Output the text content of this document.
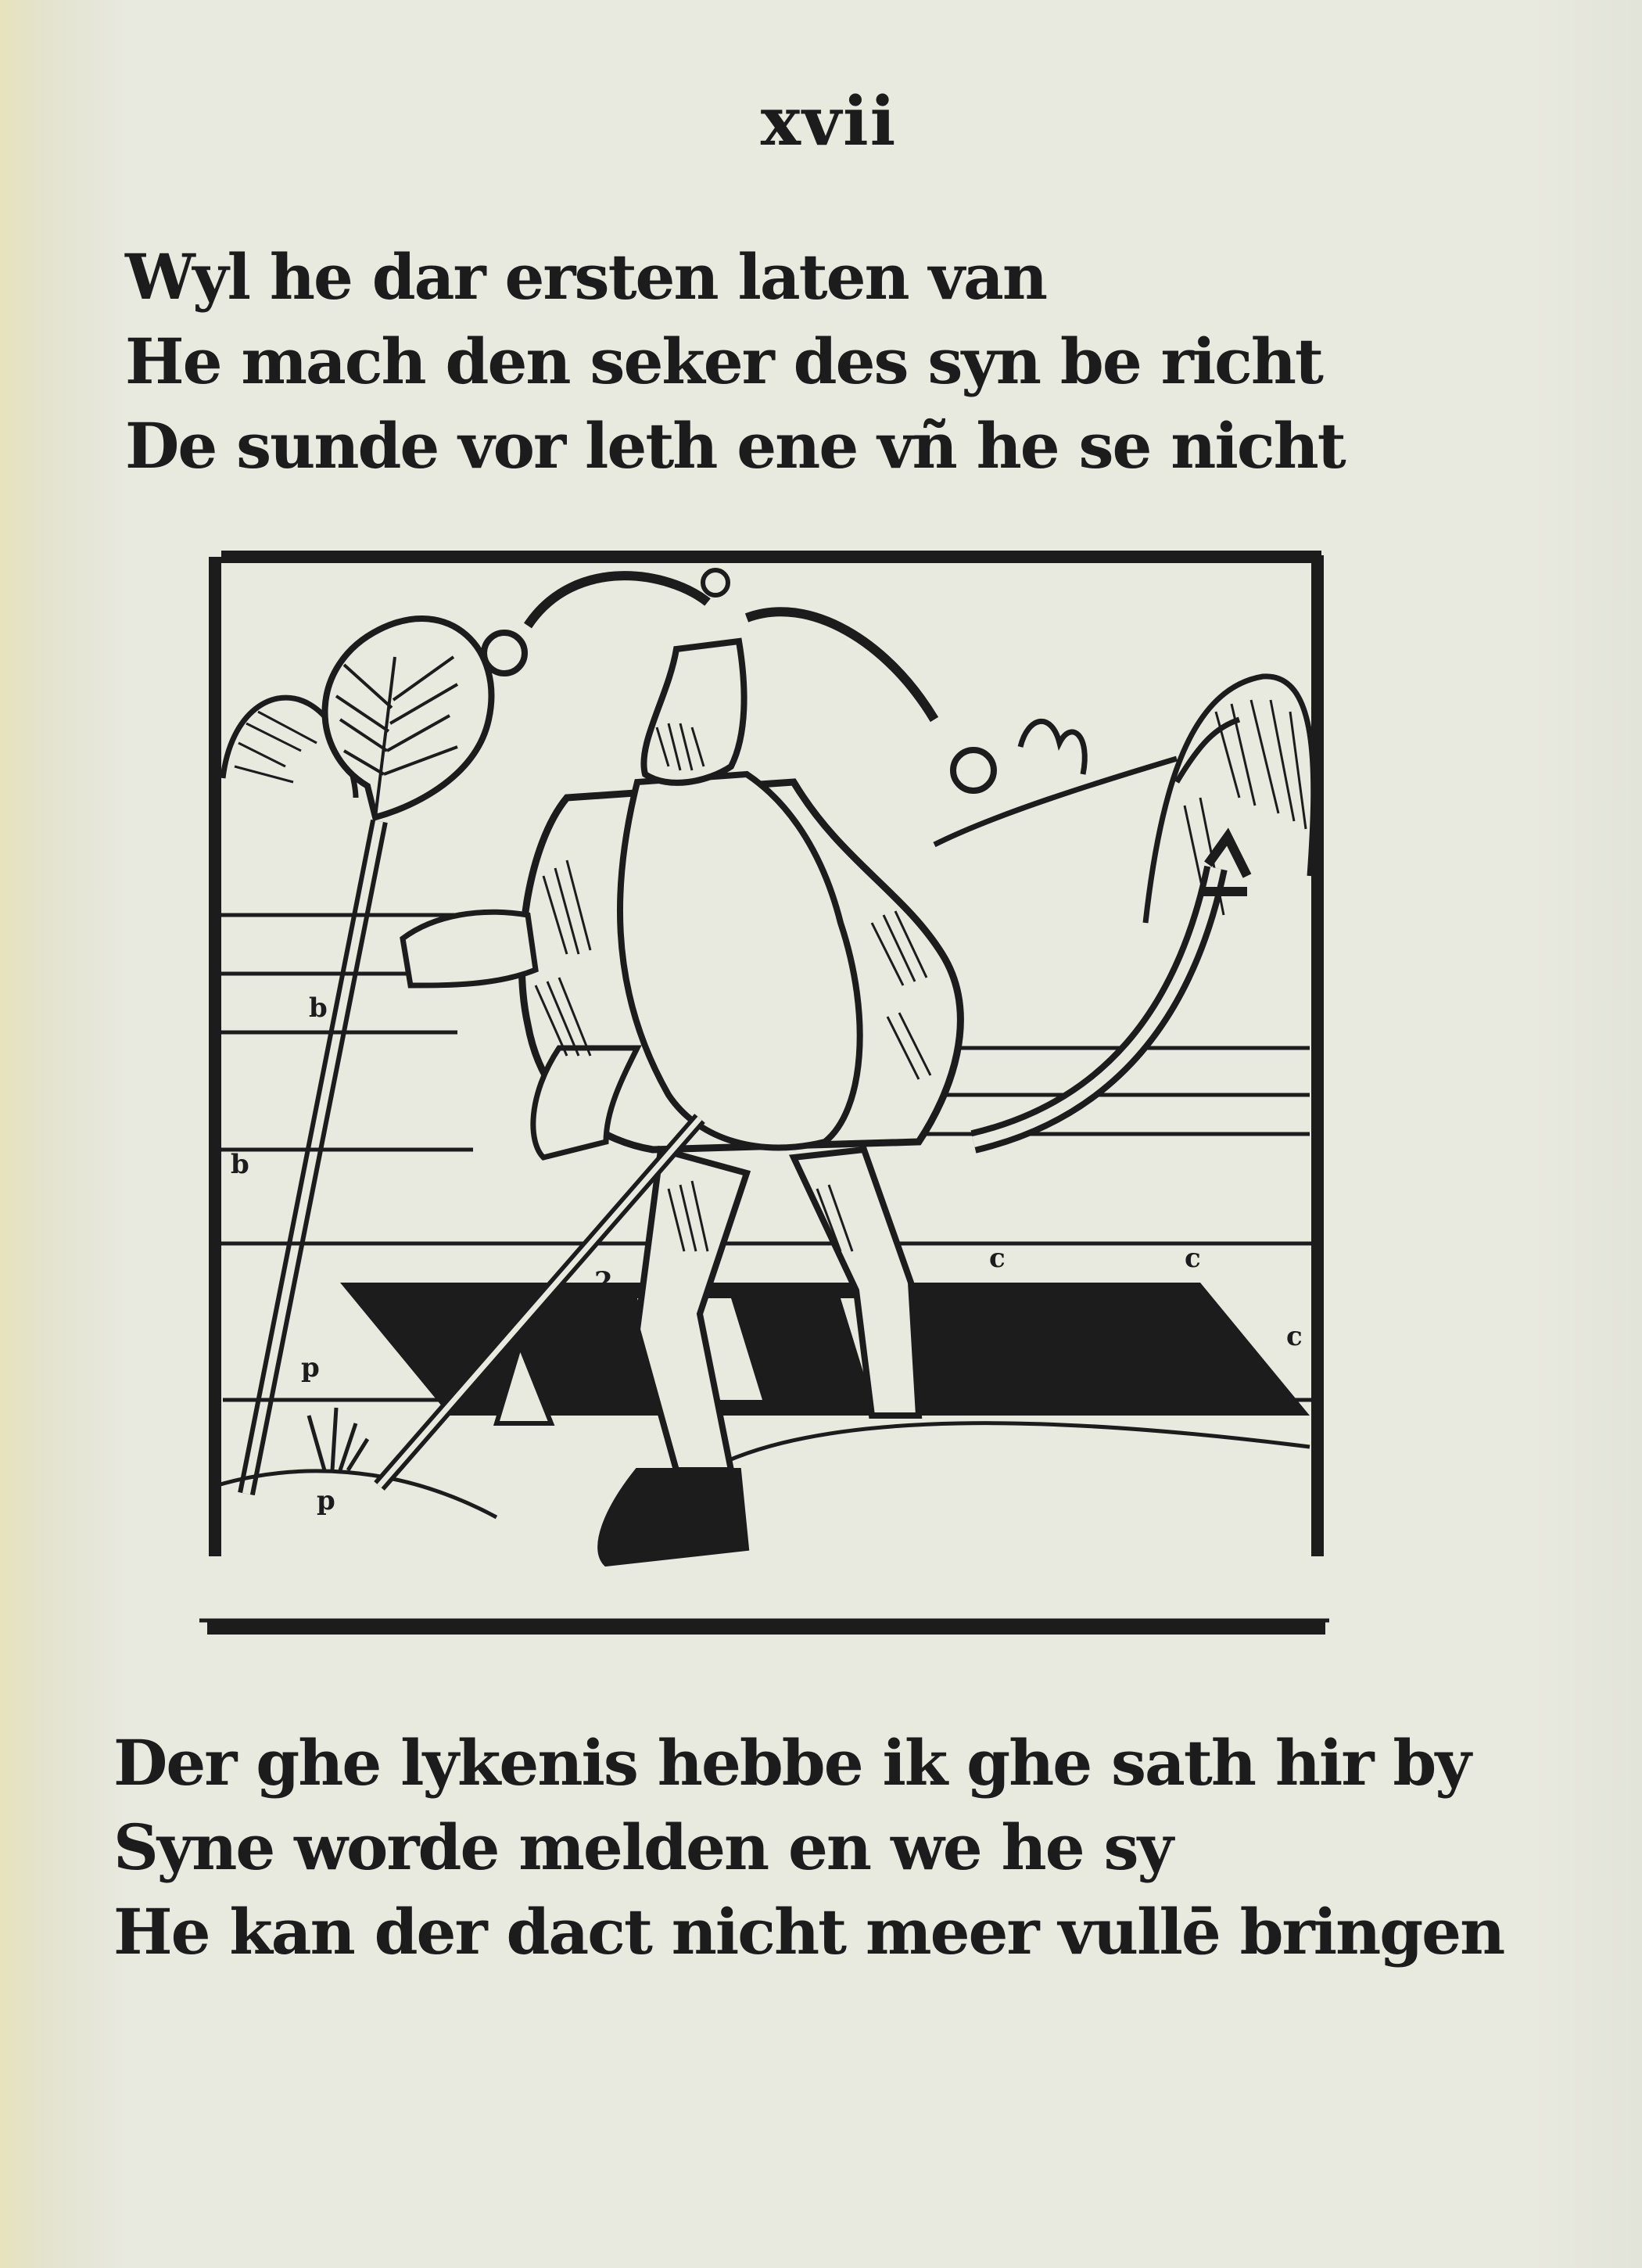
xvii
Wyl he dar ersten laten van
He mach den seker des syn be richt
De sunde vor leth ene vñ he se nicht
b
b
p
p
2
c
c	c
Der ghe lykenis hebbe ik ghe sath hir by
Syne worde melden en we he sy
He kan der dact nicht meer vullē bringen
